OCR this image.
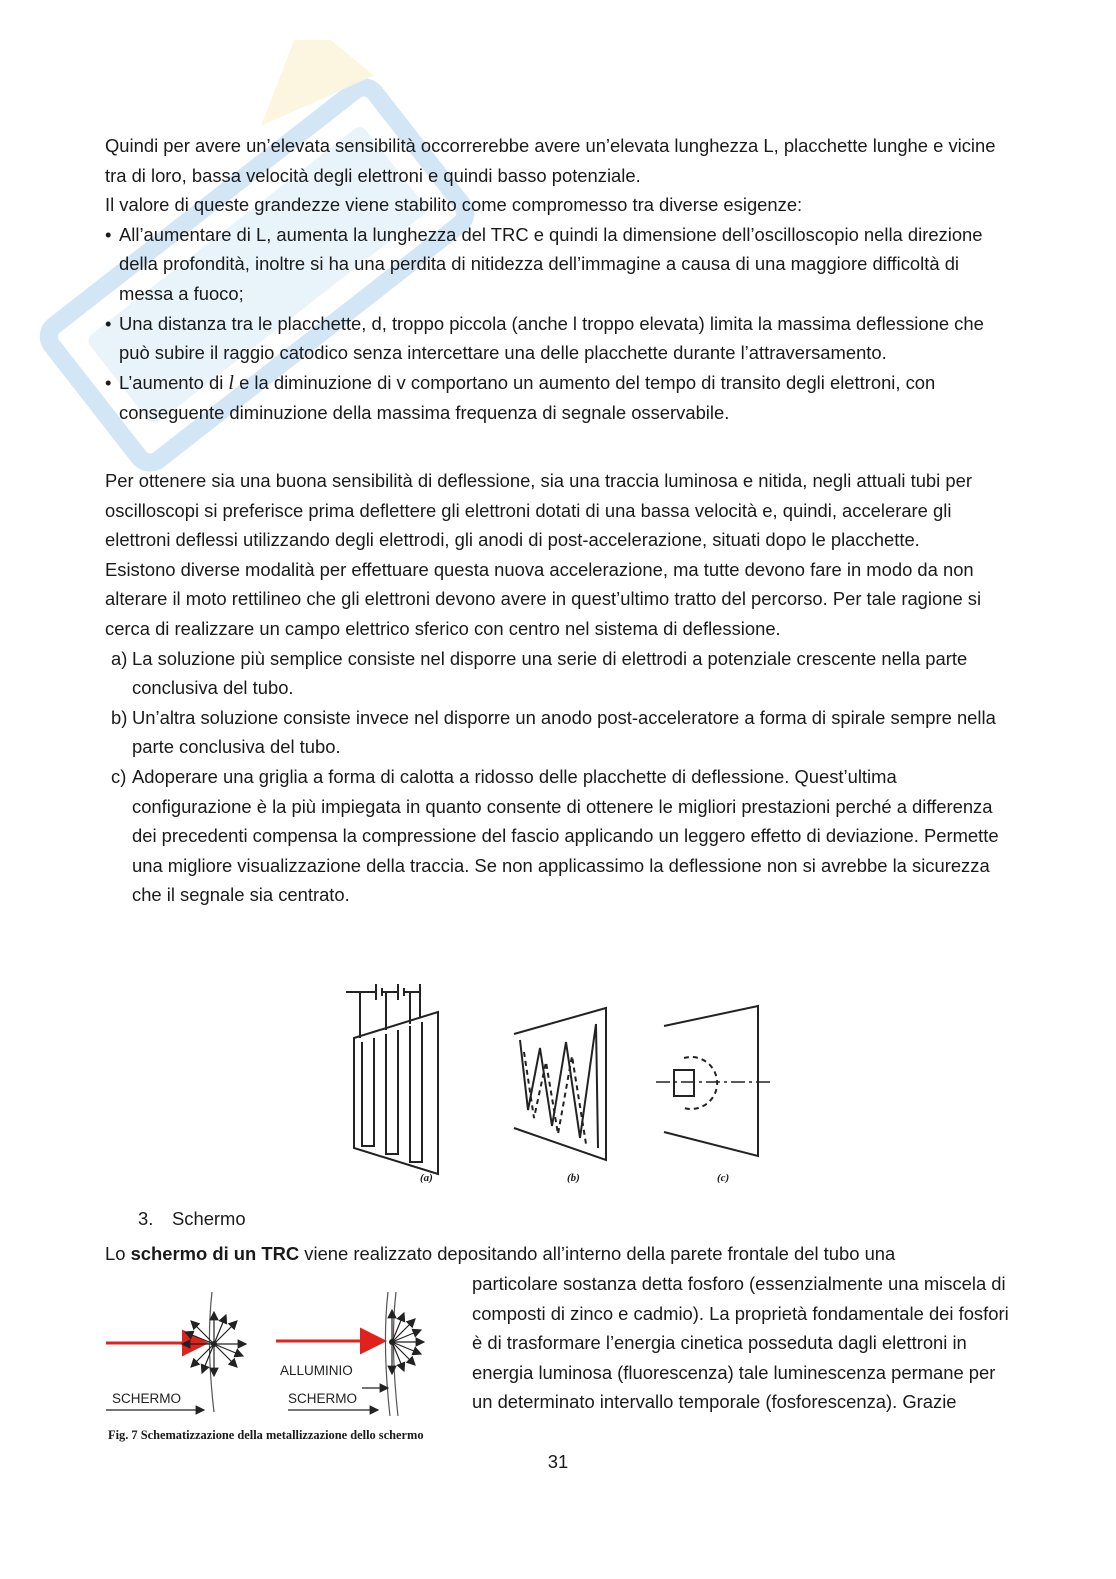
Quindi per avere un’elevata sensibilità occorrerebbe avere un’elevata lunghezza L, placchette lunghe e vicine tra di loro, bassa velocità degli elettroni e quindi basso potenziale.

Il valore di queste grandezze viene stabilito come compromesso tra diverse esigenze:

• All’aumentare di L, aumenta la lunghezza del TRC e quindi la dimensione dell’oscilloscopio nella direzione della profondità, inoltre si ha una perdita di nitidezza dell’immagine a causa di una maggiore difficoltà di messa a fuoco;
• Una distanza tra le placchette, d, troppo piccola (anche l troppo elevata) limita la massima deflessione che può subire il raggio catodico senza intercettare una delle placchette durante l’attraversamento.
• L’aumento di l e la diminuzione di v comportano un aumento del tempo di transito degli elettroni, con conseguente diminuzione della massima frequenza di segnale osservabile.

Per ottenere sia una buona sensibilità di deflessione, sia una traccia luminosa e nitida, negli attuali tubi per oscilloscopi si preferisce prima deflettere gli elettroni dotati di una bassa velocità e, quindi, accelerare gli elettroni deflessi utilizzando degli elettrodi, gli anodi di post-accelerazione, situati dopo le placchette.

Esistono diverse modalità per effettuare questa nuova accelerazione, ma tutte devono fare in modo da non alterare il moto rettilineo che gli elettroni devono avere in quest’ultimo tratto del percorso. Per tale ragione si cerca di realizzare un campo elettrico sferico con centro nel sistema di deflessione.

a) La soluzione più semplice consiste nel disporre una serie di elettrodi a potenziale crescente nella parte conclusiva del tubo.
b) Un’altra soluzione consiste invece nel disporre un anodo post-acceleratore a forma di spirale sempre nella parte conclusiva del tubo.
c) Adoperare una griglia a forma di calotta a ridosso delle placchette di deflessione. Quest’ultima configurazione è la più impiegata in quanto consente di ottenere le migliori prestazioni perché a differenza dei precedenti compensa la compressione del fascio applicando un leggero effetto di deviazione. Permette una migliore visualizzazione della traccia. Se non applicassimo la deflessione non si avrebbe la sicurezza che il segnale sia centrato.
(a)	(b)	(c)
3. Schermo

Lo schermo di un TRC viene realizzato depositando all’interno della parete frontale del tubo una

particolare sostanza detta fosforo (essenzialmente una miscela di composti di zinco e cadmio). La proprietà fondamentale dei fosfori è di trasformare l’energia cinetica posseduta dagli elettroni in energia luminosa (fluorescenza) tale luminescenza permane per un determinato intervallo temporale (fosforescenza). Grazie

SCHERMO
ALLUMINIO
SCHERMO
Fig. 7 Schematizzazione della metallizzazione dello schermo
31
